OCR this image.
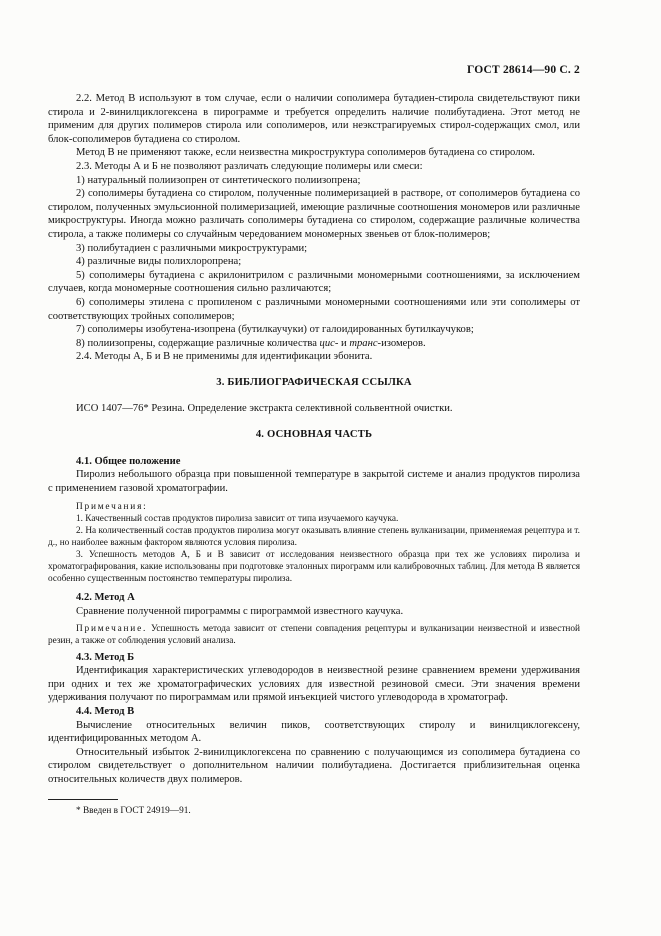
ГОСТ 28614—90 С. 2

2.2. Метод В используют в том случае, если о наличии сополимера бутадиен-стирола свидетельствуют пики стирола и 2-винилциклогексена в пирограмме и требуется определить наличие полибутадиена. Этот метод не применим для других полимеров стирола или сополимеров, или неэкстрагируемых стирол-содержащих смол, или блок-сополимеров бутадиена со стиролом.

Метод В не применяют также, если неизвестна микроструктура сополимеров бутадиена со стиролом.

2.3. Методы А и Б не позволяют различать следующие полимеры или смеси:

1) натуральный полиизопрен от синтетического полиизопрена;

2) сополимеры бутадиена со стиролом, полученные полимеризацией в растворе, от сополимеров бутадиена со стиролом, полученных эмульсионной полимеризацией, имеющие различные соотношения мономеров или различные микроструктуры. Иногда можно различать сополимеры бутадиена со стиролом, содержащие различные количества стирола, а также полимеры со случайным чередованием мономерных звеньев от блок-полимеров;

3) полибутадиен с различными микроструктурами;

4) различные виды полихлоропрена;

5) сополимеры бутадиена с акрилонитрилом с различными мономерными соотношениями, за исключением случаев, когда мономерные соотношения сильно различаются;

6) сополимеры этилена с пропиленом с различными мономерными соотношениями или эти сополимеры от соответствующих тройных сополимеров;

7) сополимеры изобутена-изопрена (бутилкаучуки) от галоидированных бутилкаучуков;

8) полиизопрены, содержащие различные количества цис- и транс-изомеров.

2.4. Методы А, Б и В не применимы для идентификации эбонита.

3. БИБЛИОГРАФИЧЕСКАЯ ССЫЛКА

ИСО 1407—76* Резина. Определение экстракта селективной сольвентной очистки.

4. ОСНОВНАЯ ЧАСТЬ
4.1. Общее положение

Пиролиз небольшого образца при повышенной температуре в закрытой системе и анализ продуктов пиролиза с применением газовой хроматографии.

Примечания:

1. Качественный состав продуктов пиролиза зависит от типа изучаемого каучука.

2. На количественный состав продуктов пиролиза могут оказывать влияние степень вулканизации, применяемая рецептура и т. д., но наиболее важным фактором являются условия пиролиза.

3. Успешность методов А, Б и В зависит от исследования неизвестного образца при тех же условиях пиролиза и хроматографирования, какие использованы при подготовке эталонных пирограмм или калибровочных таблиц. Для метода В является особенно существенным постоянство температуры пиролиза.

4.2. Метод А

Сравнение полученной пирограммы с пирограммой известного каучука.

Примечание. Успешность метода зависит от степени совпадения рецептуры и вулканизации неизвестной и известной резин, а также от соблюдения условий анализа.

4.3. Метод Б

Идентификация характеристических углеводородов в неизвестной резине сравнением времени удерживания при одних и тех же хроматографических условиях для известной резиновой смеси. Эти значения времени удерживания получают по пирограммам или прямой инъекцией чистого углеводорода в хроматограф.

4.4. Метод В

Вычисление относительных величин пиков, соответствующих стиролу и винилциклогексену, идентифицированных методом А.

Относительный избыток 2-винилциклогексена по сравнению с получающимся из сополимера бутадиена со стиролом свидетельствует о дополнительном наличии полибутадиена. Достигается приблизительная оценка относительных количеств двух полимеров.

* Введен в ГОСТ 24919—91.
